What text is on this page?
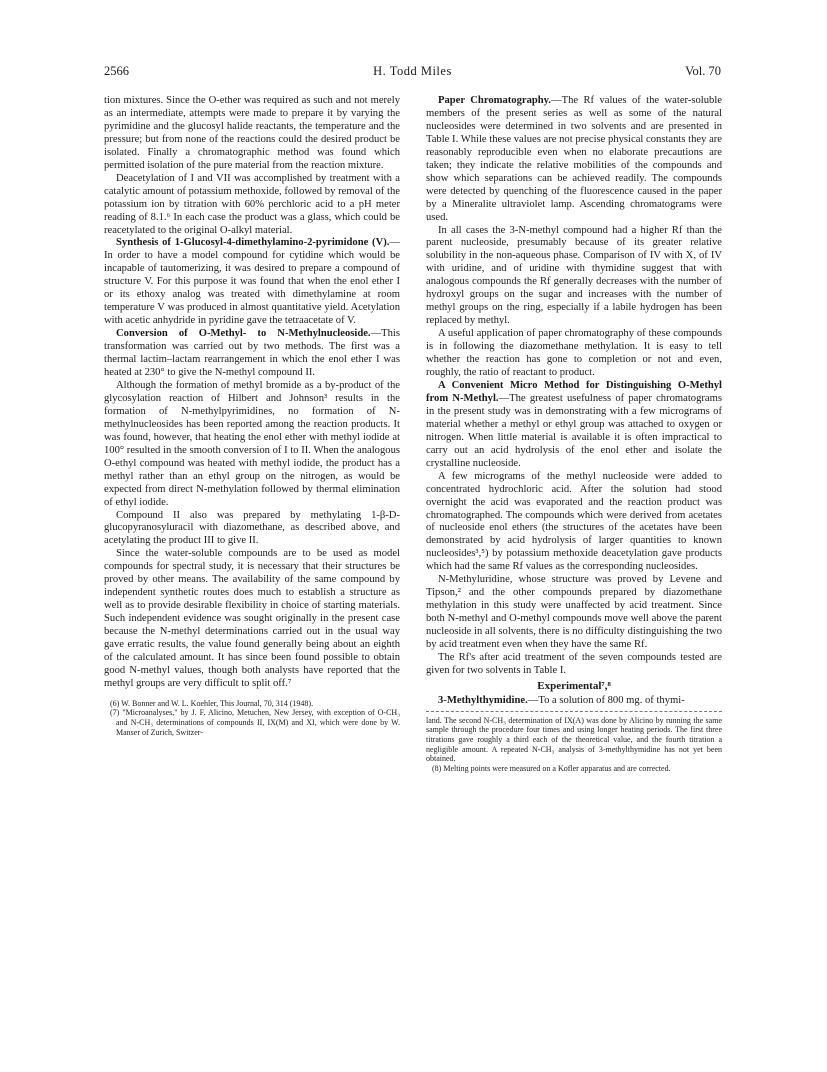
2566	H. Todd Miles	Vol. 70

tion mixtures. Since the O-ether was required as such and not merely as an intermediate, attempts were made to prepare it by varying the pyrimidine and the glucosyl halide reactants, the temperature and the pressure; but from none of the reactions could the desired product be isolated. Finally a chromatographic method was found which permitted isolation of the pure material from the reaction mixture.

Deacetylation of I and VII was accomplished by treatment with a catalytic amount of potassium methoxide, followed by removal of the potassium ion by titration with 60% perchloric acid to a pH meter reading of 8.1.⁶ In each case the product was a glass, which could be reacetylated to the original O-alkyl material.

Synthesis of 1-Glucosyl-4-dimethylamino-2-pyrimidone (V).—In order to have a model compound for cytidine which would be incapable of tautomerizing, it was desired to prepare a compound of structure V. For this purpose it was found that when the enol ether I or its ethoxy analog was treated with dimethylamine at room temperature V was produced in almost quantitative yield. Acetylation with acetic anhydride in pyridine gave the tetraacetate of V.

Conversion of O-Methyl- to N-Methylnucleoside.—This transformation was carried out by two methods. The first was a thermal lactim–lactam rearrangement in which the enol ether I was heated at 230° to give the N-methyl compound II.

Although the formation of methyl bromide as a by-product of the glycosylation reaction of Hilbert and Johnson³ results in the formation of N-methylpyrimidines, no formation of N-methylnucleosides has been reported among the reaction products. It was found, however, that heating the enol ether with methyl iodide at 100° resulted in the smooth conversion of I to II. When the analogous O-ethyl compound was heated with methyl iodide, the product has a methyl rather than an ethyl group on the nitrogen, as would be expected from direct N-methylation followed by thermal elimination of ethyl iodide.

Compound II also was prepared by methylating 1-β-D-glucopyranosyluracil with diazomethane, as described above, and acetylating the product III to give II.

Since the water-soluble compounds are to be used as model compounds for spectral study, it is necessary that their structures be proved by other means. The availability of the same compound by independent synthetic routes does much to establish a structure as well as to provide desirable flexibility in choice of starting materials. Such independent evidence was sought originally in the present case because the N-methyl determinations carried out in the usual way gave erratic results, the value found generally being about an eighth of the calculated amount. It has since been found possible to obtain good N-methyl values, though both analysts have reported that the methyl groups are very difficult to split off.⁷

(6) W. Bonner and W. L. Koehler, This Journal, 70, 314 (1948).

(7) "Microanalyses," by J. F. Alicino, Metuchen, New Jersey, with exception of O-CH₃ and N-CH₃ determinations of compounds II, IX(M) and XI, which were done by W. Manser of Zurich, Switzer-

Paper Chromatography.—The Rf values of the water-soluble members of the present series as well as some of the natural nucleosides were determined in two solvents and are presented in Table I. While these values are not precise physical constants they are reasonably reproducible even when no elaborate precautions are taken; they indicate the relative mobilities of the compounds and show which separations can be achieved readily. The compounds were detected by quenching of the fluorescence caused in the paper by a Mineralite ultraviolet lamp. Ascending chromatograms were used.

In all cases the 3-N-methyl compound had a higher Rf than the parent nucleoside, presumably because of its greater relative solubility in the non-aqueous phase. Comparison of IV with X, of IV with uridine, and of uridine with thymidine suggest that with analogous compounds the Rf generally decreases with the number of hydroxyl groups on the sugar and increases with the number of methyl groups on the ring, especially if a labile hydrogen has been replaced by methyl.

A useful application of paper chromatography of these compounds is in following the diazomethane methylation. It is easy to tell whether the reaction has gone to completion or not and even, roughly, the ratio of reactant to product.

A Convenient Micro Method for Distinguishing O-Methyl from N-Methyl.—The greatest usefulness of paper chromatograms in the present study was in demonstrating with a few micrograms of material whether a methyl or ethyl group was attached to oxygen or nitrogen. When little material is available it is often impractical to carry out an acid hydrolysis of the enol ether and isolate the crystalline nucleoside.

A few micrograms of the methyl nucleoside were added to concentrated hydrochloric acid. After the solution had stood overnight the acid was evaporated and the reaction product was chromatographed. The compounds which were derived from acetates of nucleoside enol ethers (the structures of the acetates have been demonstrated by acid hydrolysis of larger quantities to known nucleosides³,⁵) by potassium methoxide deacetylation gave products which had the same Rf values as the corresponding nucleosides.

N-Methyluridine, whose structure was proved by Levene and Tipson,² and the other compounds prepared by diazomethane methylation in this study were unaffected by acid treatment. Since both N-methyl and O-methyl compounds move well above the parent nucleoside in all solvents, there is no difficulty distinguishing the two by acid treatment even when they have the same Rf.

The Rf's after acid treatment of the seven compounds tested are given for two solvents in Table I.

Experimental⁷,⁸

3-Methylthymidine.—To a solution of 800 mg. of thymi-

land. The second N-CH₃ determination of IX(A) was done by Alicino by running the same sample through the procedure four times and using longer heating periods. The first three titrations gave roughly a third each of the theoretical value, and the fourth titration a negligible amount. A repeated N-CH₃ analysis of 3-methylthymidine has not yet been obtained.

(8) Melting points were measured on a Kofler apparatus and are corrected.
